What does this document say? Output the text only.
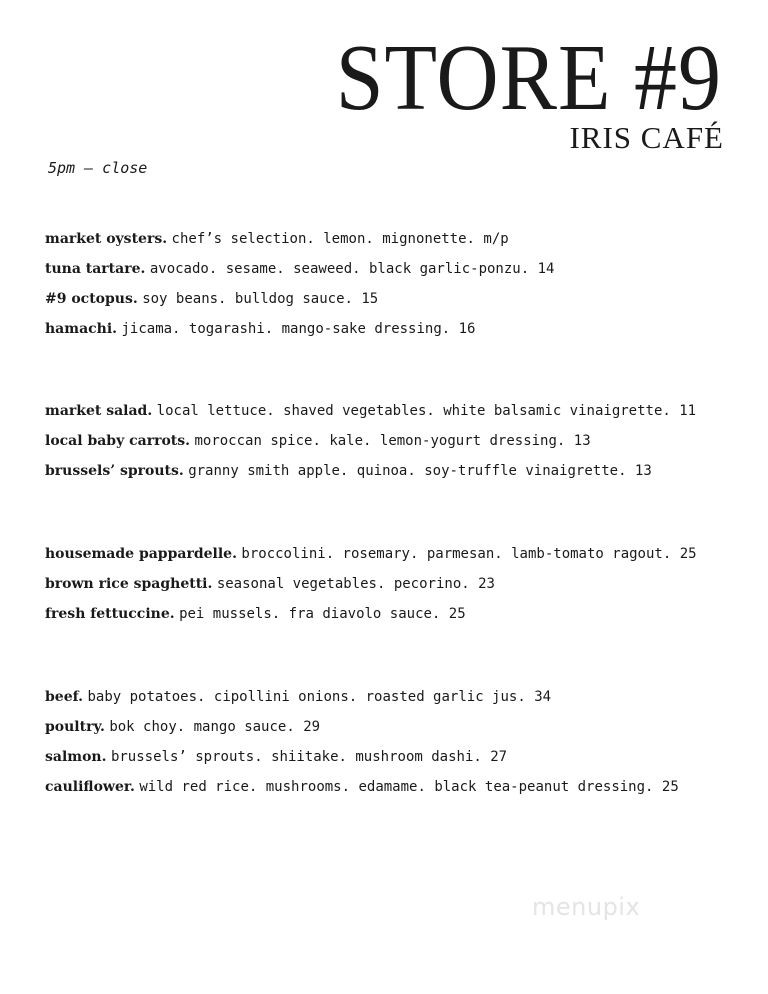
STORE #9
IRIS CAFÉ
5pm – close
market oysters. chef’s selection. lemon. mignonette. m/p
tuna tartare. avocado. sesame. seaweed. black garlic-ponzu. 14
#9 octopus. soy beans. bulldog sauce. 15
hamachi. jicama. togarashi. mango-sake dressing. 16
market salad. local lettuce. shaved vegetables. white balsamic vinaigrette. 11
local baby carrots. moroccan spice. kale. lemon-yogurt dressing. 13
brussels’ sprouts. granny smith apple. quinoa. soy-truffle vinaigrette. 13
housemade pappardelle. broccolini. rosemary. parmesan. lamb-tomato ragout. 25
brown rice spaghetti. seasonal vegetables. pecorino. 23
fresh fettuccine. pei mussels. fra diavolo sauce. 25
beef. baby potatoes. cipollini onions. roasted garlic jus. 34
poultry. bok choy. mango sauce. 29
salmon. brussels’ sprouts. shiitake. mushroom dashi. 27
cauliflower. wild red rice. mushrooms. edamame. black tea-peanut dressing. 25
menupix
